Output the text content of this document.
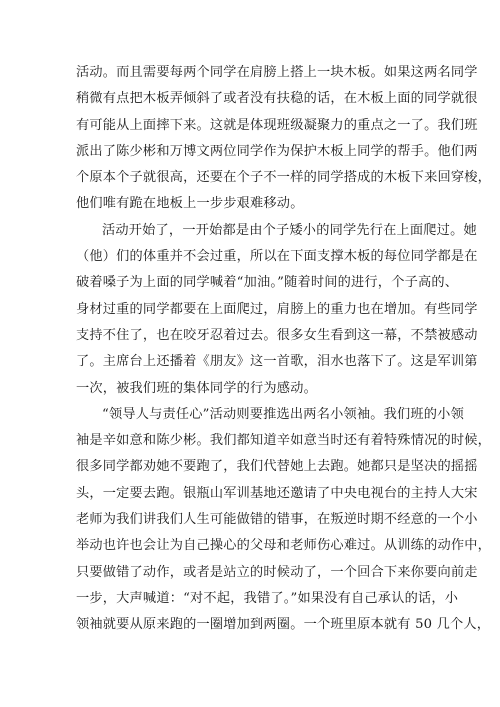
活动。而且需要每两个同学在肩膀上搭上一块木板。如果这两名同学
稍微有点把木板弄倾斜了或者没有扶稳的话，在木板上面的同学就很
有可能从上面摔下来。这就是体现班级凝聚力的重点之一了。我们班
派出了陈少彬和万博文两位同学作为保护木板上同学的帮手。他们两
个原本个子就很高，还要在个子不一样的同学搭成的木板下来回穿梭，
他们唯有跪在地板上一步步艰难移动。
活动开始了，一开始都是由个子矮小的同学先行在上面爬过。她
（他）们的体重并不会过重，所以在下面支撑木板的每位同学都是在
破着嗓子为上面的同学喊着“加油。”随着时间的进行，个子高的、
身材过重的同学都要在上面爬过，肩膀上的重力也在增加。有些同学
支持不住了，也在咬牙忍着过去。很多女生看到这一幕，不禁被感动
了。主席台上还播着《朋友》这一首歌，泪水也落下了。这是军训第
一次，被我们班的集体同学的行为感动。
“领导人与责任心”活动则要推选出两名小领袖。我们班的小领
袖是辛如意和陈少彬。我们都知道辛如意当时还有着特殊情况的时候，
很多同学都劝她不要跑了，我们代替她上去跑。她都只是坚决的摇摇
头，一定要去跑。银瓶山军训基地还邀请了中央电视台的主持人大宋
老师为我们讲我们人生可能做错的错事，在叛逆时期不经意的一个小
举动也许也会让为自己操心的父母和老师伤心难过。从训练的动作中，
只要做错了动作，或者是站立的时候动了，一个回合下来你要向前走
一步，大声喊道：“对不起，我错了。”如果没有自己承认的话，小
领袖就要从原来跑的一圈增加到两圈。一个班里原本就有 50 几个人，
